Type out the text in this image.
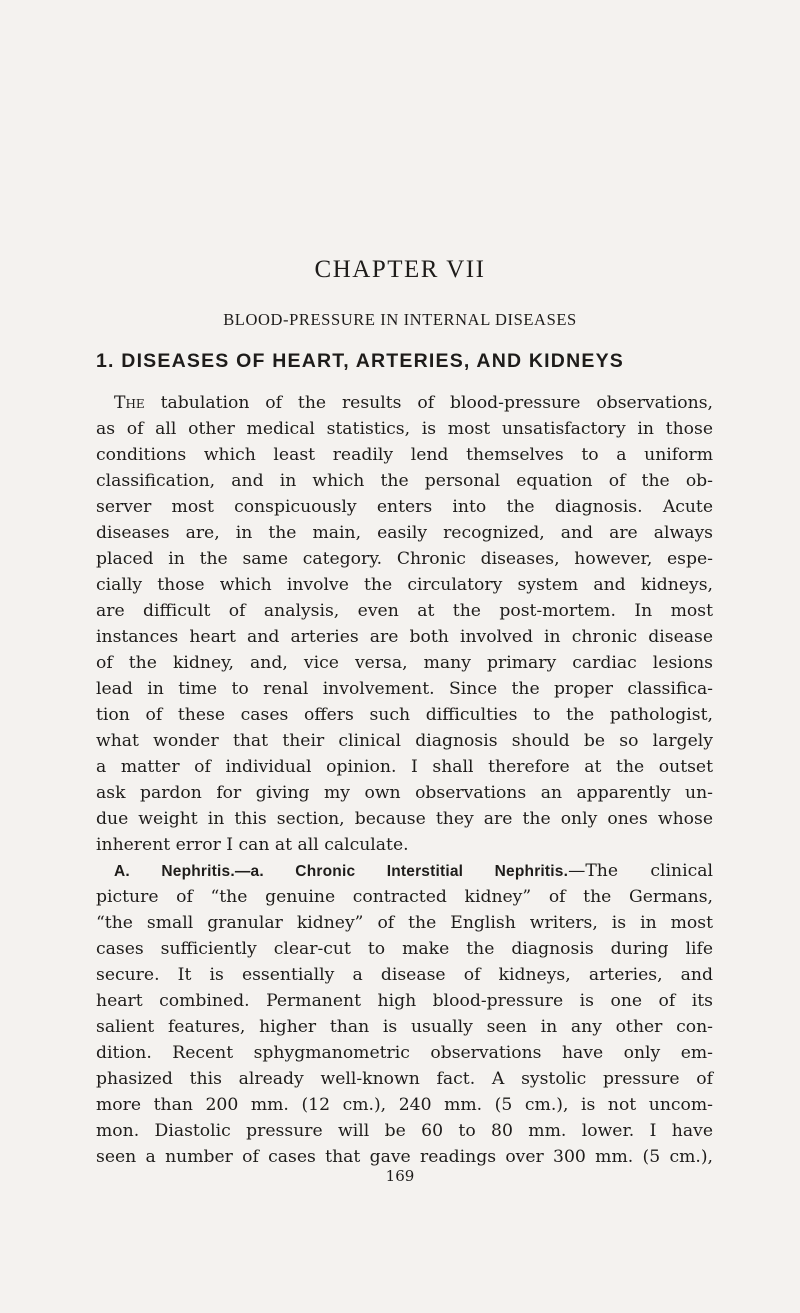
CHAPTER VII
BLOOD-PRESSURE IN INTERNAL DISEASES
1. DISEASES OF HEART, ARTERIES, AND KIDNEYS
The tabulation of the results of blood-pressure observations,
as of all other medical statistics, is most unsatisfactory in those
conditions which least readily lend themselves to a uniform
classification, and in which the personal equation of the ob-
server most conspicuously enters into the diagnosis. Acute
diseases are, in the main, easily recognized, and are always
placed in the same category. Chronic diseases, however, espe-
cially those which involve the circulatory system and kidneys,
are difficult of analysis, even at the post-mortem. In most
instances heart and arteries are both involved in chronic disease
of the kidney, and, vice versa, many primary cardiac lesions
lead in time to renal involvement. Since the proper classifica-
tion of these cases offers such difficulties to the pathologist,
what wonder that their clinical diagnosis should be so largely
a matter of individual opinion. I shall therefore at the outset
ask pardon for giving my own observations an apparently un-
due weight in this section, because they are the only ones whose
inherent error I can at all calculate.
A. Nephritis.—a. Chronic Interstitial Nephritis.—The clinical
picture of “the genuine contracted kidney” of the Germans,
“the small granular kidney” of the English writers, is in most
cases sufficiently clear-cut to make the diagnosis during life
secure. It is essentially a disease of kidneys, arteries, and
heart combined. Permanent high blood-pressure is one of its
salient features, higher than is usually seen in any other con-
dition. Recent sphygmanometric observations have only em-
phasized this already well-known fact. A systolic pressure of
more than 200 mm. (12 cm.), 240 mm. (5 cm.), is not uncom-
mon. Diastolic pressure will be 60 to 80 mm. lower. I have
seen a number of cases that gave readings over 300 mm. (5 cm.),
169
